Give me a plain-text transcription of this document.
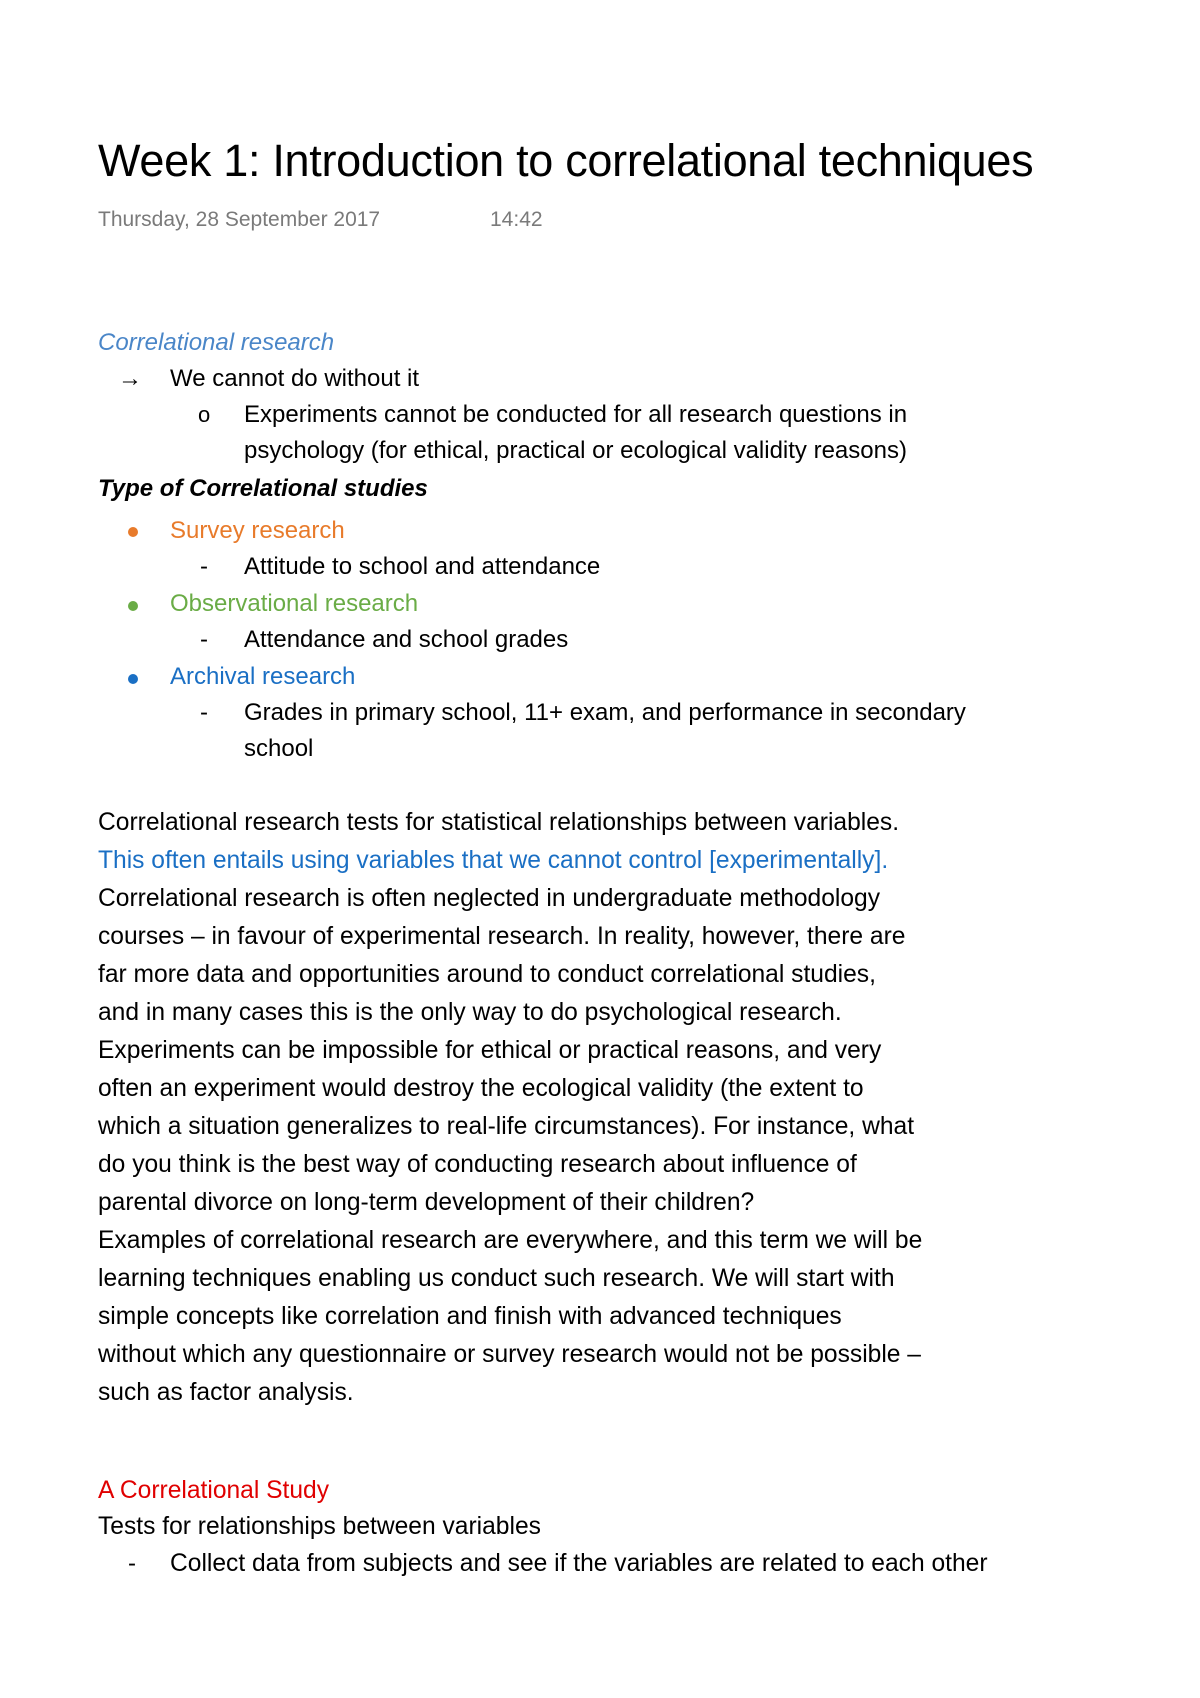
Week 1: Introduction to correlational techniques
Thursday, 28 September 2017	14:42
Correlational research
→ We cannot do without it
o Experiments cannot be conducted for all research questions in
psychology (for ethical, practical or ecological validity reasons)
Type of Correlational studies
Survey research
- Attitude to school and attendance
Observational research
- Attendance and school grades
Archival research
- Grades in primary school, 11+ exam, and performance in secondary
school
Correlational research tests for statistical relationships between variables.
This often entails using variables that we cannot control [experimentally].
Correlational research is often neglected in undergraduate methodology
courses – in favour of experimental research. In reality, however, there are
far more data and opportunities around to conduct correlational studies,
and in many cases this is the only way to do psychological research.
Experiments can be impossible for ethical or practical reasons, and very
often an experiment would destroy the ecological validity (the extent to
which a situation generalizes to real-life circumstances). For instance, what
do you think is the best way of conducting research about influence of
parental divorce on long-term development of their children?
Examples of correlational research are everywhere, and this term we will be
learning techniques enabling us conduct such research. We will start with
simple concepts like correlation and finish with advanced techniques
without which any questionnaire or survey research would not be possible –
such as factor analysis.
A Correlational Study
Tests for relationships between variables
- Collect data from subjects and see if the variables are related to each other
